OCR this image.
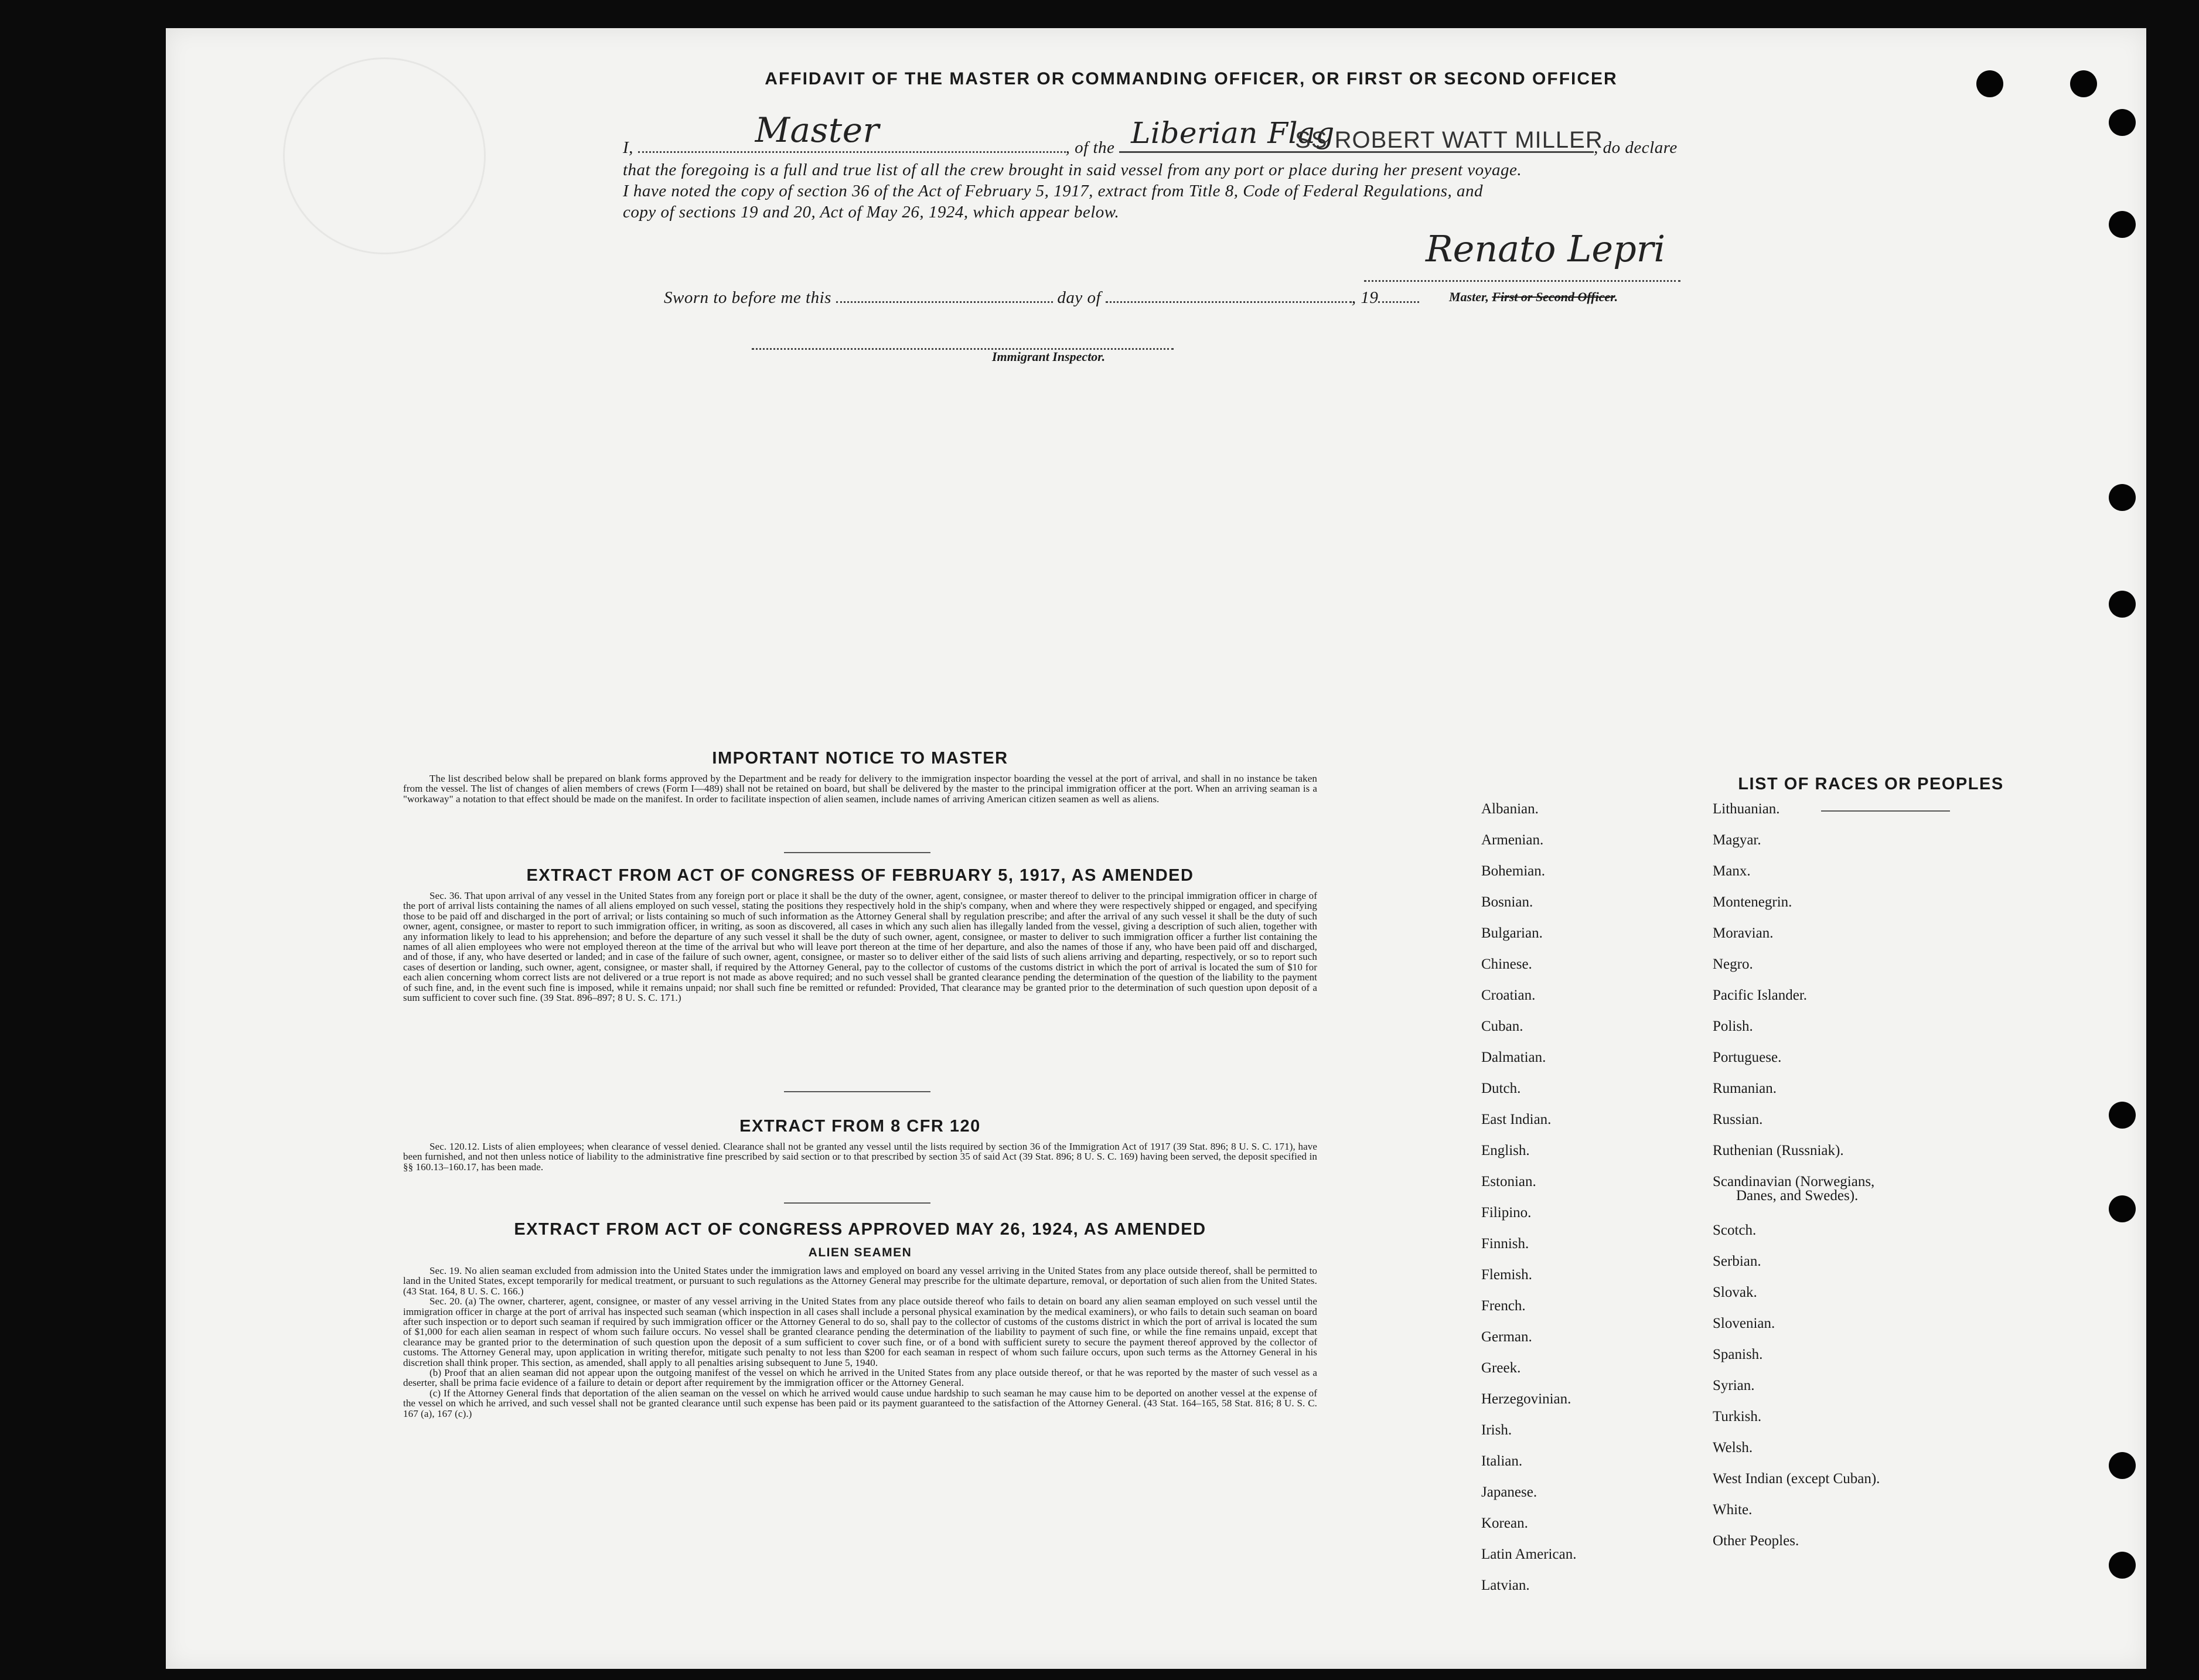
AFFIDAVIT OF THE MASTER OR COMMANDING OFFICER, OR FIRST OR SECOND OFFICER
I,	Master	, of the Liberian Flag
SS ROBERT WATT MILLER
, do declare
that the foregoing is a full and true list of all the crew brought in said vessel from any port or place during her present voyage.
I have noted the copy of section 36 of the Act of February 5, 1917, extract from Title 8, Code of Federal Regulations, and
copy of sections 19 and 20, Act of May 26, 1924, which appear below.
Renato Lepri
Master, First or Second Officer.
Sworn to before me this	day of	, 19
Immigrant Inspector.
IMPORTANT NOTICE TO MASTER

The list described below shall be prepared on blank forms approved by the Department and be ready for delivery to the immigration inspector boarding the vessel at the port of arrival, and shall in no instance be taken from the vessel. The list of changes of alien members of crews (Form I—489) shall not be retained on board, but shall be delivered by the master to the principal immigration officer at the port. When an arriving seaman is a "workaway" a notation to that effect should be made on the manifest. In order to facilitate inspection of alien seamen, include names of arriving American citizen seamen as well as aliens.

EXTRACT FROM ACT OF CONGRESS OF FEBRUARY 5, 1917, AS AMENDED

Sec. 36. That upon arrival of any vessel in the United States from any foreign port or place it shall be the duty of the owner, agent, consignee, or master thereof to deliver to the principal immigration officer in charge of the port of arrival lists containing the names of all aliens employed on such vessel, stating the positions they respectively hold in the ship's company, when and where they were respectively shipped or engaged, and specifying those to be paid off and discharged in the port of arrival; or lists containing so much of such information as the Attorney General shall by regulation prescribe; and after the arrival of any such vessel it shall be the duty of such owner, agent, consignee, or master to report to such immigration officer, in writing, as soon as discovered, all cases in which any such alien has illegally landed from the vessel, giving a description of such alien, together with any information likely to lead to his apprehension; and before the departure of any such vessel it shall be the duty of such owner, agent, consignee, or master to deliver to such immigration officer a further list containing the names of all alien employees who were not employed thereon at the time of the arrival but who will leave port thereon at the time of her departure, and also the names of those if any, who have been paid off and discharged, and of those, if any, who have deserted or landed; and in case of the failure of such owner, agent, consignee, or master so to deliver either of the said lists of such aliens arriving and departing, respectively, or so to report such cases of desertion or landing, such owner, agent, consignee, or master shall, if required by the Attorney General, pay to the collector of customs of the customs district in which the port of arrival is located the sum of $10 for each alien concerning whom correct lists are not delivered or a true report is not made as above required; and no such vessel shall be granted clearance pending the determination of the question of the liability to the payment of such fine, and, in the event such fine is imposed, while it remains unpaid; nor shall such fine be remitted or refunded: Provided, That clearance may be granted prior to the determination of such question upon deposit of a sum sufficient to cover such fine. (39 Stat. 896–897; 8 U. S. C. 171.)

EXTRACT FROM 8 CFR 120

Sec. 120.12. Lists of alien employees; when clearance of vessel denied. Clearance shall not be granted any vessel until the lists required by section 36 of the Immigration Act of 1917 (39 Stat. 896; 8 U. S. C. 171), have been furnished, and not then unless notice of liability to the administrative fine prescribed by said section or to that prescribed by section 35 of said Act (39 Stat. 896; 8 U. S. C. 169) having been served, the deposit specified in §§ 160.13–160.17, has been made.

EXTRACT FROM ACT OF CONGRESS APPROVED MAY 26, 1924, AS AMENDED
ALIEN SEAMEN

Sec. 19. No alien seaman excluded from admission into the United States under the immigration laws and employed on board any vessel arriving in the United States from any place outside thereof, shall be permitted to land in the United States, except temporarily for medical treatment, or pursuant to such regulations as the Attorney General may prescribe for the ultimate departure, removal, or deportation of such alien from the United States. (43 Stat. 164, 8 U. S. C. 166.)

Sec. 20. (a) The owner, charterer, agent, consignee, or master of any vessel arriving in the United States from any place outside thereof who fails to detain on board any alien seaman employed on such vessel until the immigration officer in charge at the port of arrival has inspected such seaman (which inspection in all cases shall include a personal physical examination by the medical examiners), or who fails to detain such seaman on board after such inspection or to deport such seaman if required by such immigration officer or the Attorney General to do so, shall pay to the collector of customs of the customs district in which the port of arrival is located the sum of $1,000 for each alien seaman in respect of whom such failure occurs. No vessel shall be granted clearance pending the determination of the liability to payment of such fine, or while the fine remains unpaid, except that clearance may be granted prior to the determination of such question upon the deposit of a sum sufficient to cover such fine, or of a bond with sufficient surety to secure the payment thereof approved by the collector of customs. The Attorney General may, upon application in writing therefor, mitigate such penalty to not less than $200 for each seaman in respect of whom such failure occurs, upon such terms as the Attorney General in his discretion shall think proper. This section, as amended, shall apply to all penalties arising subsequent to June 5, 1940.

(b) Proof that an alien seaman did not appear upon the outgoing manifest of the vessel on which he arrived in the United States from any place outside thereof, or that he was reported by the master of such vessel as a deserter, shall be prima facie evidence of a failure to detain or deport after requirement by the immigration officer or the Attorney General.

(c) If the Attorney General finds that deportation of the alien seaman on the vessel on which he arrived would cause undue hardship to such seaman he may cause him to be deported on another vessel at the expense of the vessel on which he arrived, and such vessel shall not be granted clearance until such expense has been paid or its payment guaranteed to the satisfaction of the Attorney General. (43 Stat. 164–165, 58 Stat. 816; 8 U. S. C. 167 (a), 167 (c).)

LIST OF RACES OR PEOPLES
Albanian.
Armenian.
Bohemian.
Bosnian.
Bulgarian.
Chinese.
Croatian.
Cuban.
Dalmatian.
Dutch.
East Indian.
English.
Estonian.
Filipino.
Finnish.
Flemish.
French.
German.
Greek.
Herzegovinian.
Irish.
Italian.
Japanese.
Korean.
Latin American.
Latvian.
Lithuanian.
Magyar.
Manx.
Montenegrin.
Moravian.
Negro.
Pacific Islander.
Polish.
Portuguese.
Rumanian.
Russian.
Ruthenian (Russniak).
Scandinavian (Norwegians,
Danes, and Swedes).
Scotch.
Serbian.
Slovak.
Slovenian.
Spanish.
Syrian.
Turkish.
Welsh.
West Indian (except Cuban).
White.
Other Peoples.
